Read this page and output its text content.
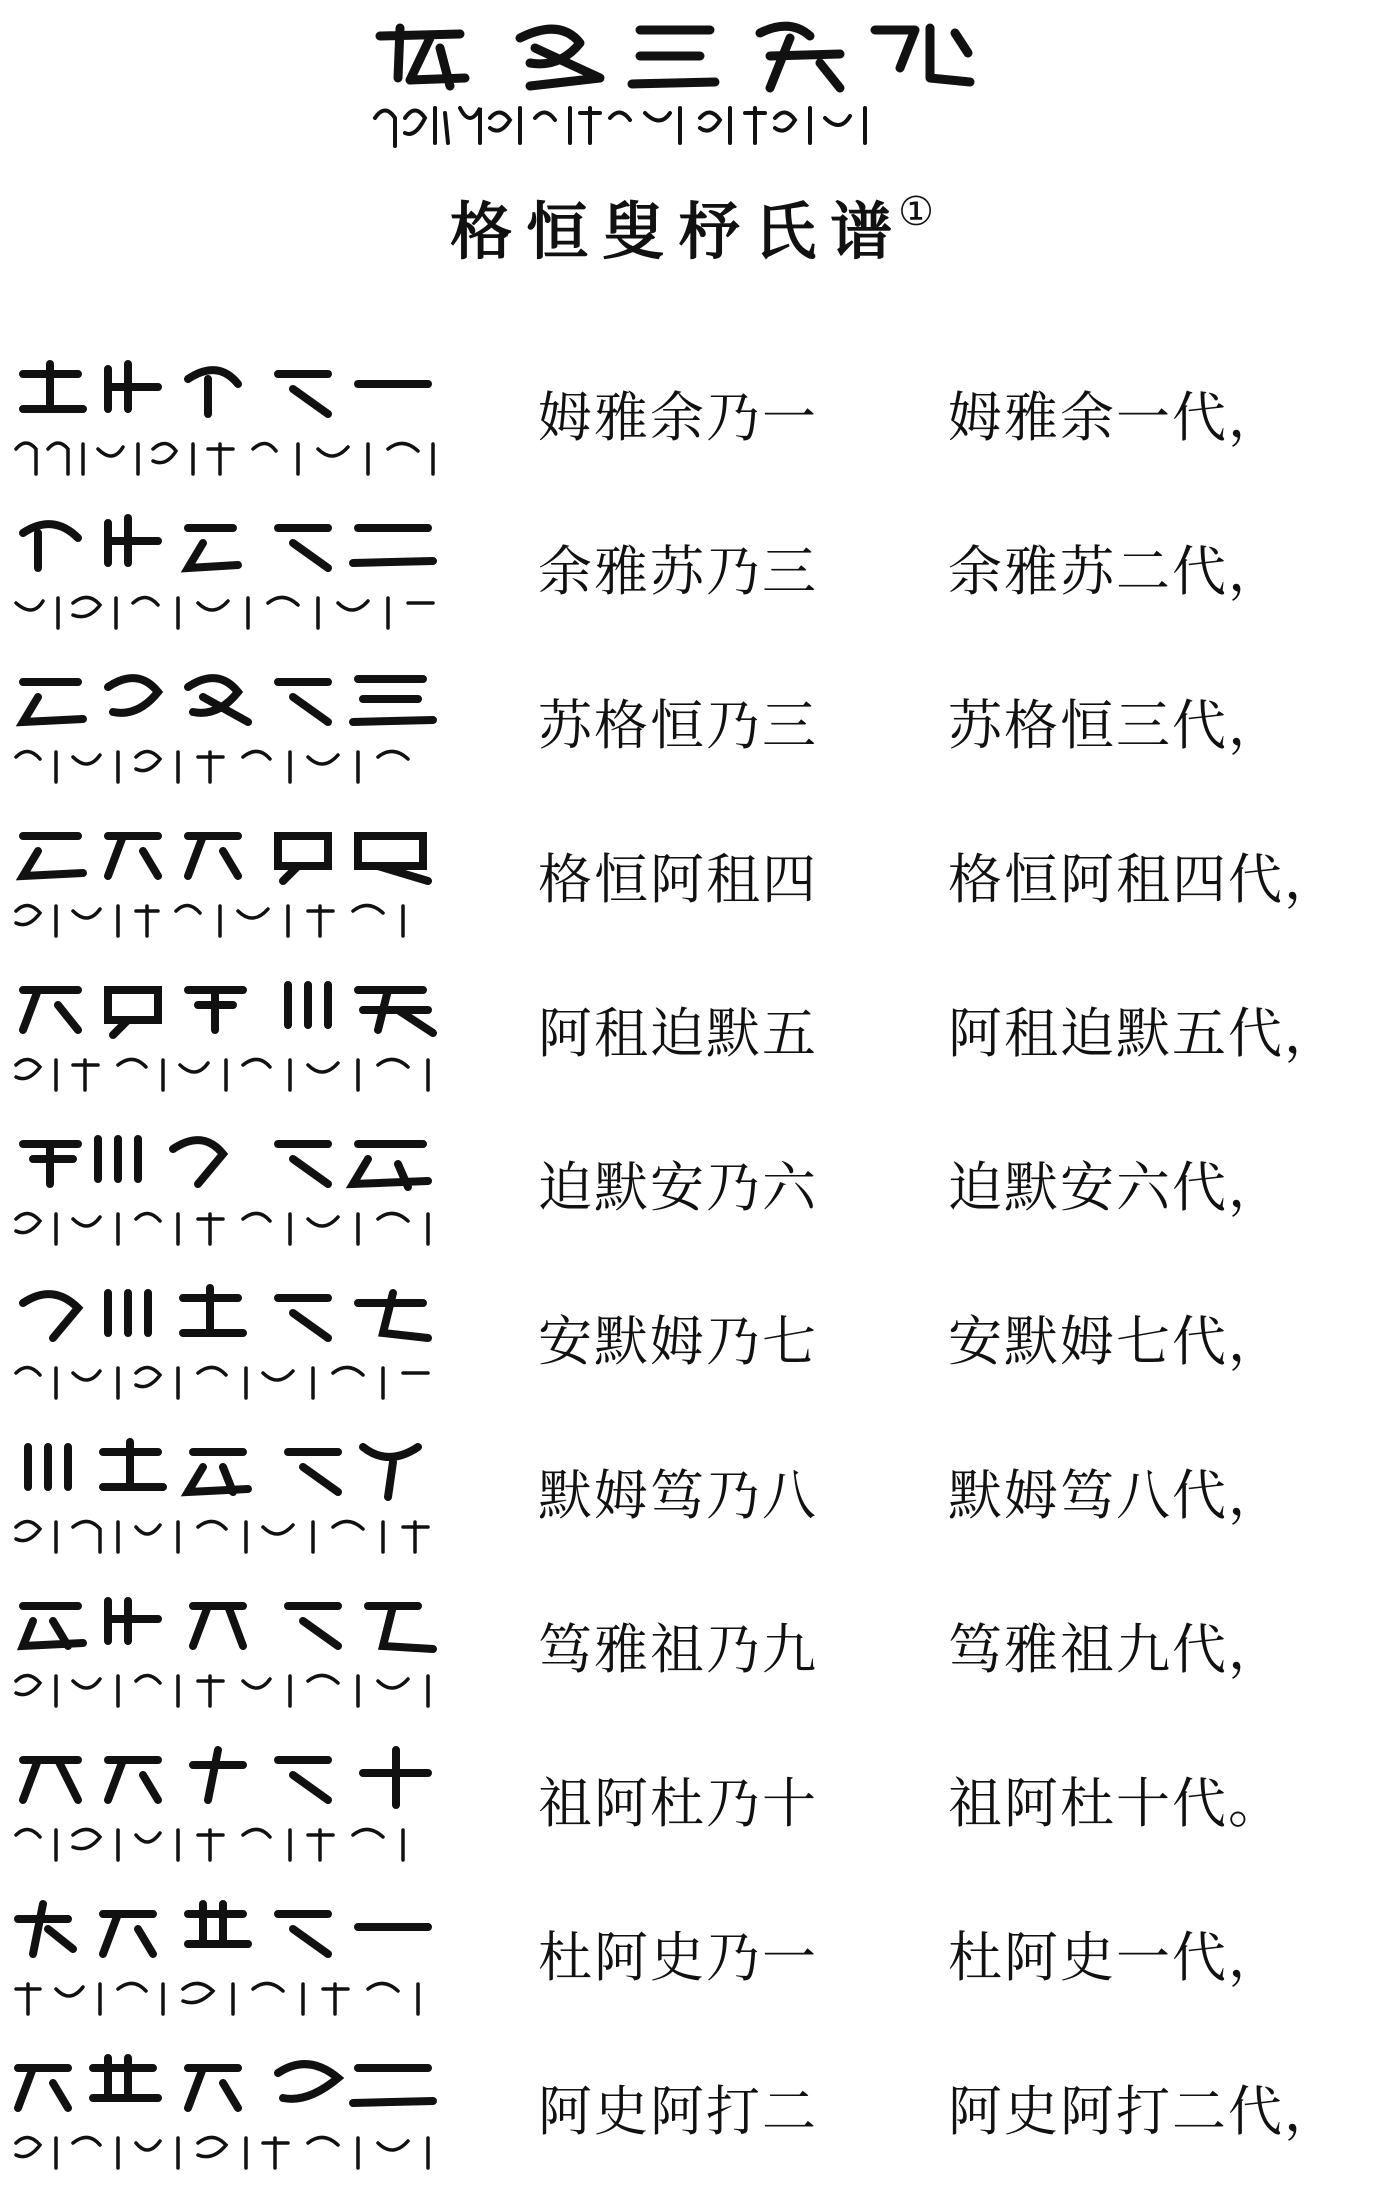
格恒叟杼氏谱①
姆雅余乃一 姆雅余一代，
余雅苏乃三 余雅苏二代，
苏格恒乃三 苏格恒三代，
格恒阿租四 格恒阿租四代，
阿租迫默五 阿租迫默五代，
迫默安乃六 迫默安六代，
安默姆乃七 安默姆七代，
默姆笃乃八 默姆笃八代，
笃雅祖乃九 笃雅祖九代，
祖阿杜乃十 祖阿杜十代。
杜阿史乃一 杜阿史一代，
阿史阿打二 阿史阿打二代，
